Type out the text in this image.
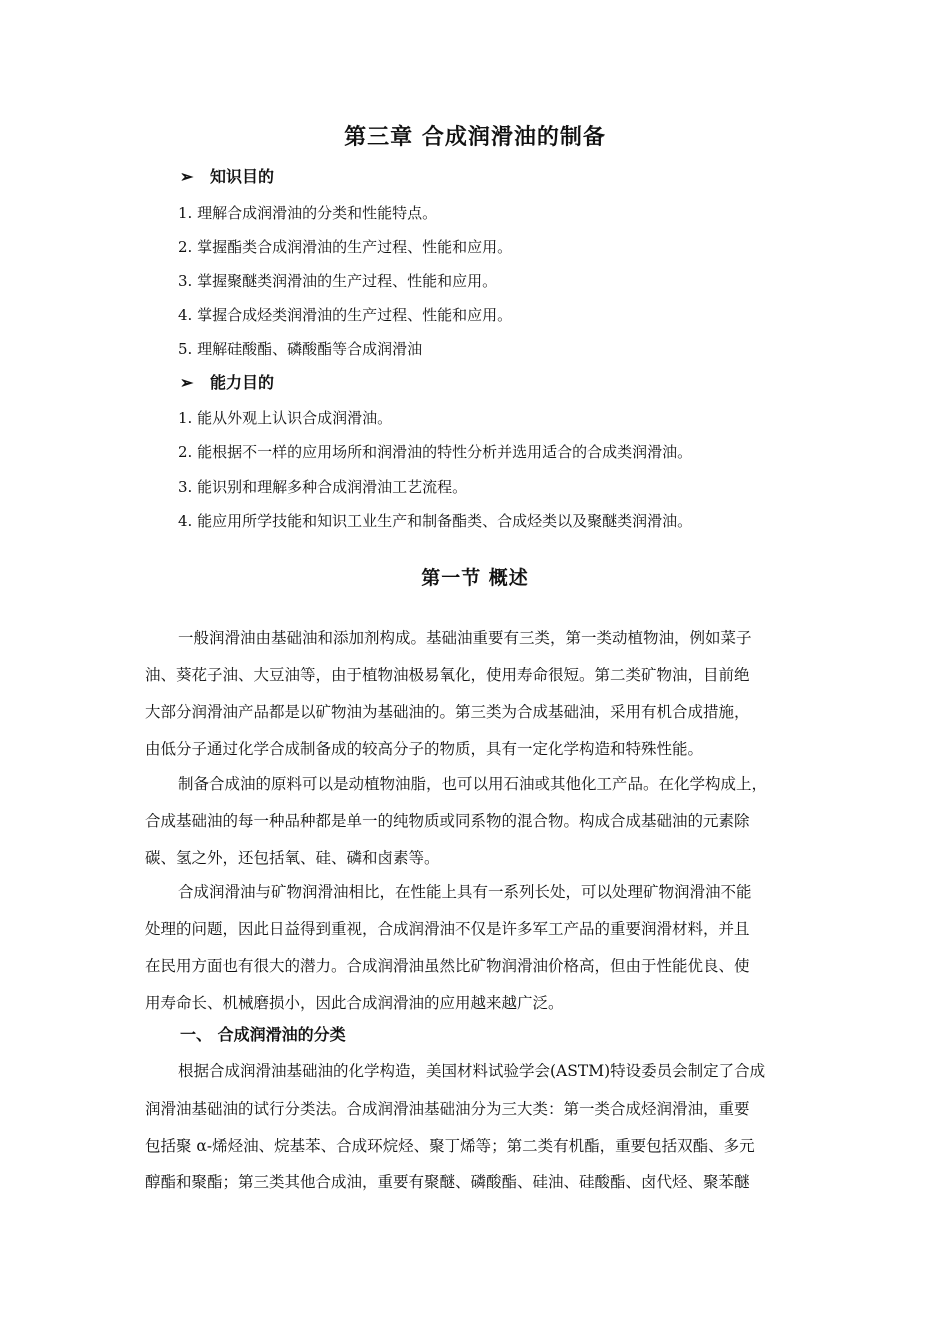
第三章 合成润滑油的制备
➢ 知识目的
1. 理解合成润滑油的分类和性能特点。
2. 掌握酯类合成润滑油的生产过程、性能和应用。
3. 掌握聚醚类润滑油的生产过程、性能和应用。
4. 掌握合成烃类润滑油的生产过程、性能和应用。
5. 理解硅酸酯、磷酸酯等合成润滑油
➢ 能力目的
1. 能从外观上认识合成润滑油。
2. 能根据不一样的应用场所和润滑油的特性分析并选用适合的合成类润滑油。
3. 能识别和理解多种合成润滑油工艺流程。
4. 能应用所学技能和知识工业生产和制备酯类、合成烃类以及聚醚类润滑油。
第一节 概述
一般润滑油由基础油和添加剂构成。基础油重要有三类，第一类动植物油，例如菜子
油、葵花子油、大豆油等，由于植物油极易氧化，使用寿命很短。第二类矿物油，目前绝
大部分润滑油产品都是以矿物油为基础油的。第三类为合成基础油，采用有机合成措施，
由低分子通过化学合成制备成的较高分子的物质，具有一定化学构造和特殊性能。
制备合成油的原料可以是动植物油脂，也可以用石油或其他化工产品。在化学构成上，
合成基础油的每一种品种都是单一的纯物质或同系物的混合物。构成合成基础油的元素除
碳、氢之外，还包括氧、硅、磷和卤素等。
合成润滑油与矿物润滑油相比，在性能上具有一系列长处，可以处理矿物润滑油不能
处理的问题，因此日益得到重视，合成润滑油不仅是许多军工产品的重要润滑材料，并且
在民用方面也有很大的潜力。合成润滑油虽然比矿物润滑油价格高，但由于性能优良、使
用寿命长、机械磨损小，因此合成润滑油的应用越来越广泛。
一、 合成润滑油的分类
根据合成润滑油基础油的化学构造，美国材料试验学会(ASTM)特设委员会制定了合成
润滑油基础油的试行分类法。合成润滑油基础油分为三大类：第一类合成烃润滑油，重要
包括聚 α-烯烃油、烷基苯、合成环烷烃、聚丁烯等；第二类有机酯，重要包括双酯、多元
醇酯和聚酯；第三类其他合成油，重要有聚醚、磷酸酯、硅油、硅酸酯、卤代烃、聚苯醚
